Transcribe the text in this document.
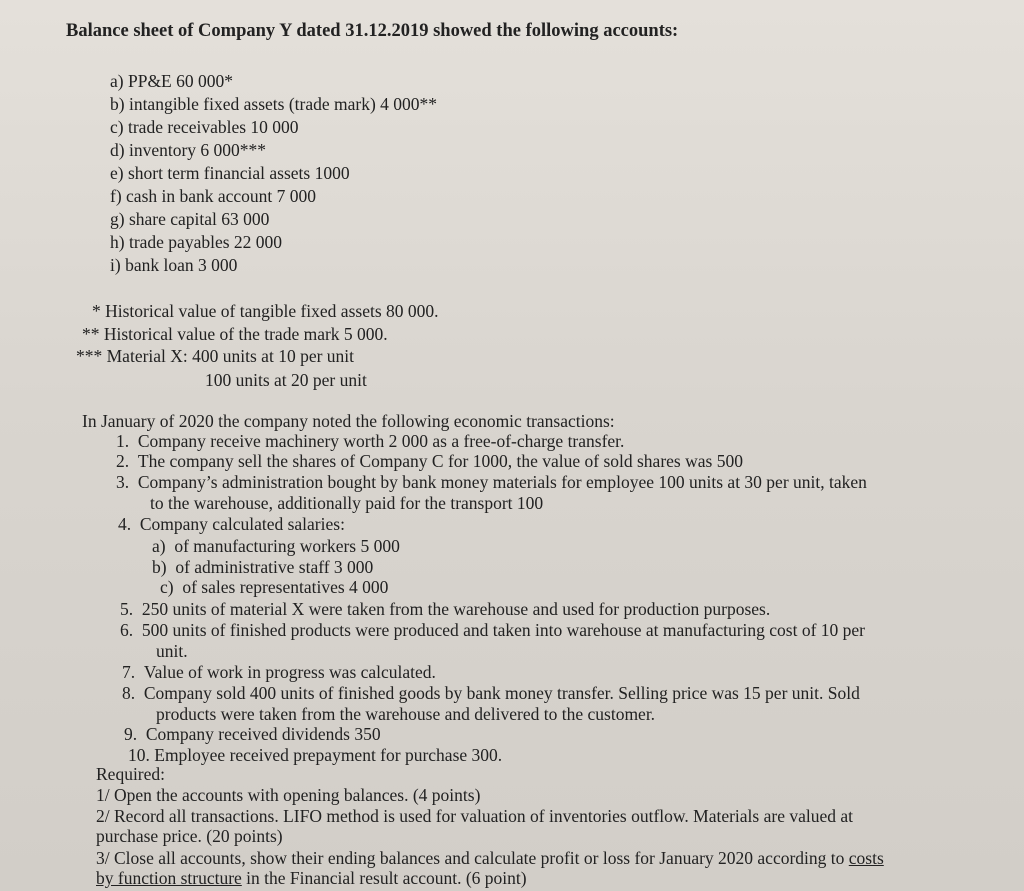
Balance sheet of Company Y dated 31.12.2019 showed the following accounts:
a) PP&E 60 000*
b) intangible fixed assets (trade mark) 4 000**
c) trade receivables 10 000
d) inventory 6 000***
e) short term financial assets 1000
f) cash in bank account 7 000
g) share capital 63 000
h) trade payables 22 000
i) bank loan 3 000
* Historical value of tangible fixed assets 80 000.
** Historical value of the trade mark 5 000.
*** Material X: 400 units at 10 per unit
100 units at 20 per unit
In January of 2020 the company noted the following economic transactions:
1. Company receive machinery worth 2 000 as a free-of-charge transfer.
2. The company sell the shares of Company C for 1000, the value of sold shares was 500
3. Company’s administration bought by bank money materials for employee 100 units at 30 per unit, taken
to the warehouse, additionally paid for the transport 100
4. Company calculated salaries:
a) of manufacturing workers 5 000
b) of administrative staff 3 000
c) of sales representatives 4 000
5. 250 units of material X were taken from the warehouse and used for production purposes.
6. 500 units of finished products were produced and taken into warehouse at manufacturing cost of 10 per
unit.
7. Value of work in progress was calculated.
8. Company sold 400 units of finished goods by bank money transfer. Selling price was 15 per unit. Sold
products were taken from the warehouse and delivered to the customer.
9. Company received dividends 350
10. Employee received prepayment for purchase 300.
Required:
1/ Open the accounts with opening balances. (4 points)
2/ Record all transactions. LIFO method is used for valuation of inventories outflow. Materials are valued at
purchase price. (20 points)
3/ Close all accounts, show their ending balances and calculate profit or loss for January 2020 according to costs
by function structure in the Financial result account. (6 point)
